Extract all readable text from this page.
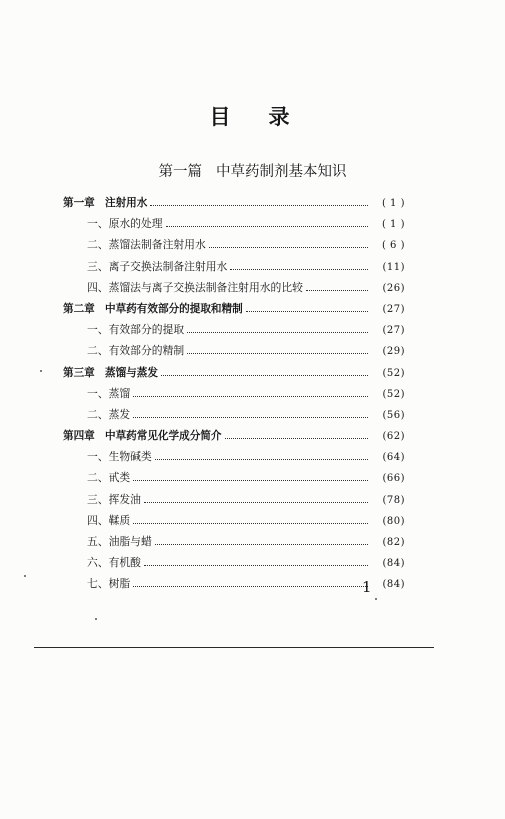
目 录
第一篇 中草药制剂基本知识
第一章 注射用水	( 1 )
一、 原水的处理	( 1 )
二、 蒸馏法制备注射用水	( 6 )
三、 离子交换法制备注射用水	(11)
四、 蒸馏法与离子交换法制备注射用水的比较	(26)
第二章 中草药有效部分的提取和精制	(27)
一、 有效部分的提取	(27)
二、 有效部分的精制	(29)
第三章 蒸馏与蒸发	(52)
一、 蒸馏	(52)
二、 蒸发	(56)
第四章 中草药常见化学成分简介	(62)
一、 生物碱类	(64)
二、 甙类	(66)
三、 挥发油	(78)
四、 鞣质	(80)
五、 油脂与蜡	(82)
六、 有机酸	(84)
七、 树脂	(84)
1
